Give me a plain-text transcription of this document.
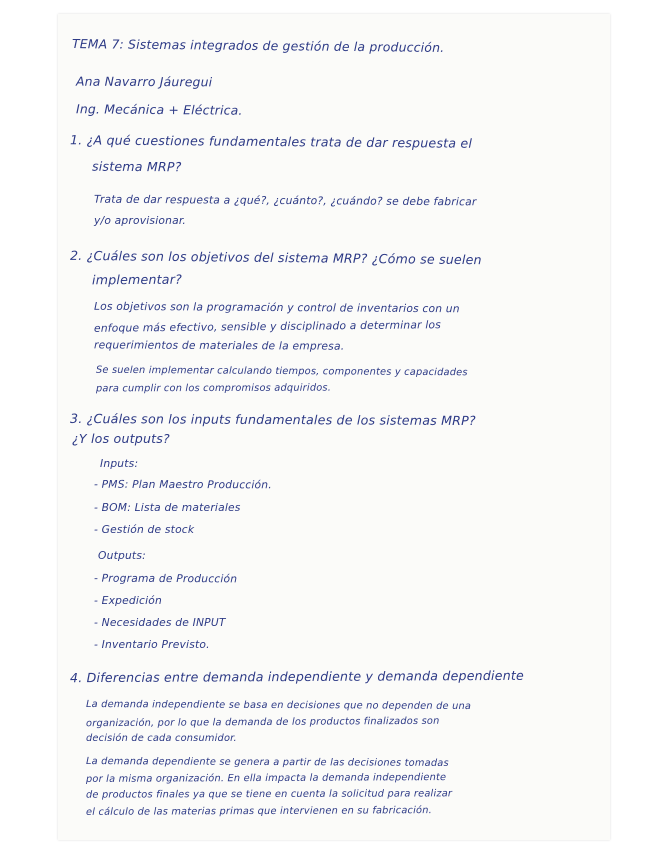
TEMA 7: Sistemas integrados de gestión de la producción.
Ana Navarro Jáuregui
Ing. Mecánica + Eléctrica.
1. ¿A qué cuestiones fundamentales trata de dar respuesta el
sistema MRP?
Trata de dar respuesta a ¿qué?, ¿cuánto?, ¿cuándo? se debe fabricar
y/o aprovisionar.
2. ¿Cuáles son los objetivos del sistema MRP? ¿Cómo se suelen
implementar?
Los objetivos son la programación y control de inventarios con un
enfoque más efectivo, sensible y disciplinado a determinar los
requerimientos de materiales de la empresa.
Se suelen implementar calculando tiempos, componentes y capacidades
para cumplir con los compromisos adquiridos.
3. ¿Cuáles son los inputs fundamentales de los sistemas MRP?
¿Y los outputs?
Inputs:
- PMS: Plan Maestro Producción.
- BOM: Lista de materiales
- Gestión de stock
Outputs:
- Programa de Producción
- Expedición
- Necesidades de INPUT
- Inventario Previsto.
4. Diferencias entre demanda independiente y demanda dependiente
La demanda independiente se basa en decisiones que no dependen de una
organización, por lo que la demanda de los productos finalizados son
decisión de cada consumidor.
La demanda dependiente se genera a partir de las decisiones tomadas
por la misma organización. En ella impacta la demanda independiente
de productos finales ya que se tiene en cuenta la solicitud para realizar
el cálculo de las materias primas que intervienen en su fabricación.
